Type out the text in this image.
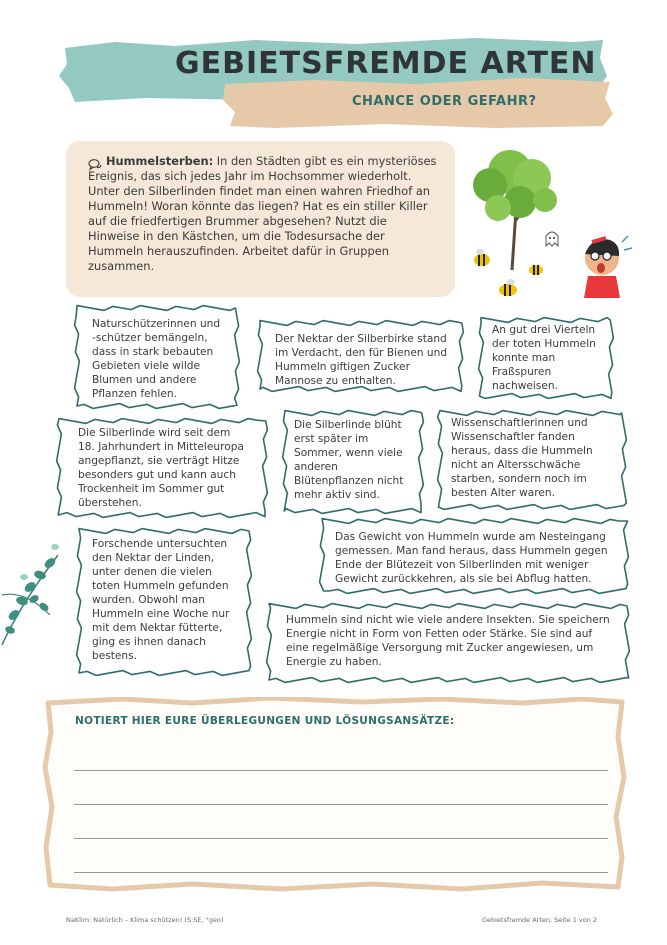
GEBIETSFREMDE ARTEN
CHANCE ODER GEFAHR?
Hummelsterben: In den Städten gibt es ein mysteriöses Ereignis, das sich jedes Jahr im Hochsommer wiederholt. Unter den Silberlinden findet man einen wahren Friedhof an Hummeln! Woran könnte das liegen? Hat es ein stiller Killer auf die friedfertigen Brummer abgesehen? Nutzt die Hinweise in den Kästchen, um die Todesursache der Hummeln herauszufinden. Arbeitet dafür in Gruppen zusammen.
Naturschützerinnen und -schützer bemängeln, dass in stark bebauten Gebieten viele wilde Blumen und andere Pflanzen fehlen.
Der Nektar der Silberbirke stand im Verdacht, den für Bienen und Hummeln giftigen Zucker Mannose zu enthalten.
An gut drei Vierteln der toten Hummeln konnte man Fraßspuren nachweisen.
Die Silberlinde wird seit dem 18. Jahrhundert in Mitteleuropa angepflanzt, sie verträgt Hitze besonders gut und kann auch Trockenheit im Sommer gut überstehen.
Die Silberlinde blüht erst später im Sommer, wenn viele anderen Blütenpflanzen nicht mehr aktiv sind.
Wissenschaftlerinnen und Wissenschaftler fanden heraus, dass die Hummeln nicht an Altersschwäche starben, sondern noch im besten Alter waren.
Forschende untersuchten den Nektar der Linden, unter denen die vielen toten Hummeln gefunden wurden. Obwohl man Hummeln eine Woche nur mit dem Nektar fütterte, ging es ihnen danach bestens.
Das Gewicht von Hummeln wurde am Nesteingang gemessen. Man fand heraus, dass Hummeln gegen Ende der Blütezeit von Silberlinden mit weniger Gewicht zurückkehren, als sie bei Abflug hatten.
Hummeln sind nicht wie viele andere Insekten. Sie speichern Energie nicht in Form von Fetten oder Stärke. Sie sind auf eine regelmäßige Versorgung mit Zucker angewiesen, um Energie zu haben.
NOTIERT HIER EURE ÜBERLEGUNGEN UND LÖSUNGSANSÄTZE:
NaKlim: Natürlich – Klima schützen! (S:SE, °geo)	Gebietsfremde Arten, Seite 1 von 2
